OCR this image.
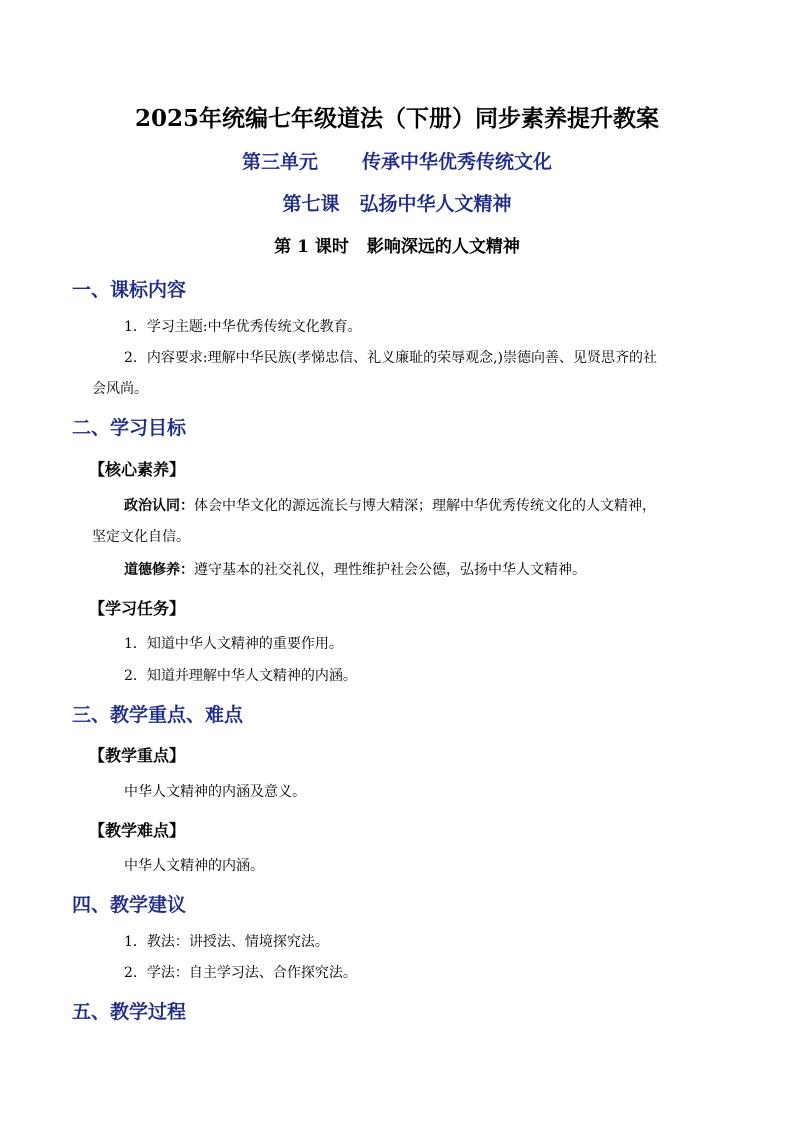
2025年统编七年级道法（下册）同步素养提升教案
第三单元 传承中华优秀传统文化
第七课 弘扬中华人文精神
第 1 课时 影响深远的人文精神
一、课标内容
1．学习主题:中华优秀传统文化教育。
2．内容要求:理解中华民族(孝悌忠信、礼义廉耻的荣辱观念,)崇德向善、见贤思齐的社
会风尚。
二、学习目标
【核心素养】
政治认同：体会中华文化的源远流长与博大精深；理解中华优秀传统文化的人文精神，
坚定文化自信。
道德修养：遵守基本的社交礼仪，理性维护社会公德，弘扬中华人文精神。
【学习任务】
1．知道中华人文精神的重要作用。
2．知道并理解中华人文精神的内涵。
三、教学重点、难点
【教学重点】
中华人文精神的内涵及意义。
【教学难点】
中华人文精神的内涵。
四、教学建议
1．教法：讲授法、情境探究法。
2．学法：自主学习法、合作探究法。
五、教学过程
